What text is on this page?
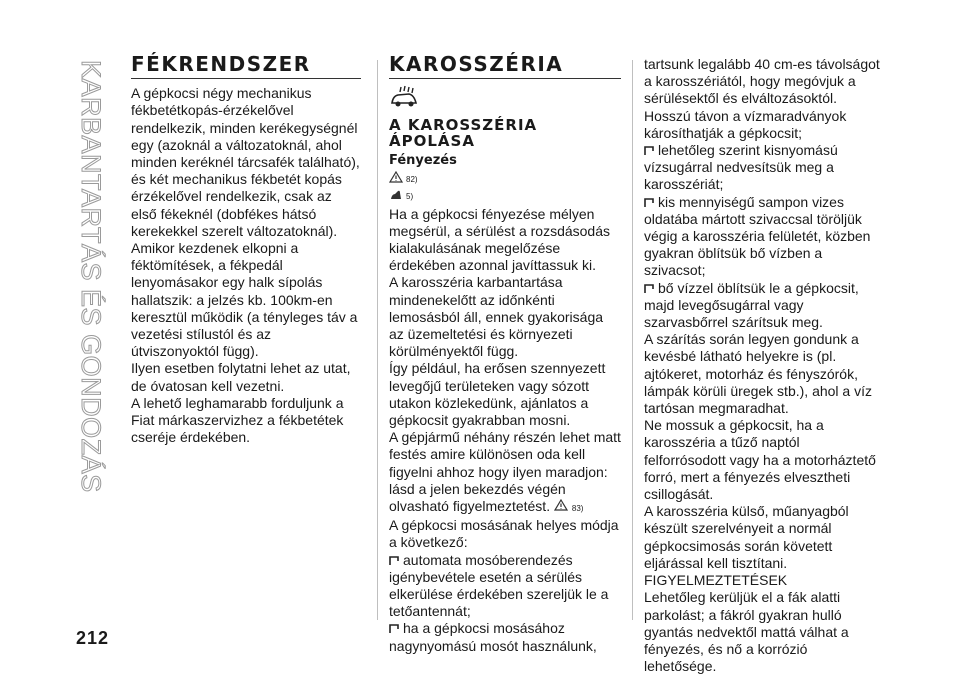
KARBANTARTÁS ÉS GONDOZÁS
212
FÉKRENDSZER

A gépkocsi négy mechanikus fékbetétkopás-érzékelővel rendelkezik, minden kerékegységnél egy (azoknál a változatoknál, ahol minden keréknél tárcsafék található), és két mechanikus fékbetét kopás érzékelővel rendelkezik, csak az első fékeknél (dobfékes hátsó kerekekkel szerelt változatoknál).

Amikor kezdenek elkopni a féktömítések, a fékpedál lenyomásakor egy halk sípolás hallatszik: a jelzés kb. 100km-en keresztül működik (a tényleges táv a vezetési stílustól és az útviszonyoktól függ).

Ilyen esetben folytatni lehet az utat, de óvatosan kell vezetni.

A lehető leghamarabb forduljunk a Fiat márkaszervizhez a fékbetétek cseréje érdekében.

KAROSSZÉRIA
A KAROSSZÉRIA ÁPOLÁSA
Fényezés
82)
5)

Ha a gépkocsi fényezése mélyen megsérül, a sérülést a rozsdásodás kialakulásának megelőzése érdekében azonnal javíttassuk ki.

A karosszéria karbantartása mindenekelőtt az időnkénti lemosásból áll, ennek gyakorisága az üzemeltetési és környezeti körülményektől függ.

Így például, ha erősen szennyezett levegőjű területeken vagy sózott utakon közlekedünk, ajánlatos a gépkocsit gyakrabban mosni.

A gépjármű néhány részén lehet matt festés amire különösen oda kell figyelni ahhoz hogy ilyen maradjon: lásd a jelen bekezdés végén olvasható figyelmeztetést.	83)

A gépkocsi mosásának helyes módja a következő:

automata mosóberendezés igénybevétele esetén a sérülés elkerülése érdekében szereljük le a tetőantennát;

ha a gépkocsi mosásához nagynyomású mosót használunk,

tartsunk legalább 40 cm-es távolságot a karosszériától, hogy megóvjuk a sérülésektől és elváltozásoktól. Hosszú távon a vízmaradványok károsíthatják a gépkocsit;

lehetőleg szerint kisnyomású vízsugárral nedvesítsük meg a karosszériát;

kis mennyiségű sampon vizes oldatába mártott szivaccsal töröljük végig a karosszéria felületét, közben gyakran öblítsük bő vízben a szivacsot;

bő vízzel öblítsük le a gépkocsit, majd levegősugárral vagy szarvasbőrrel szárítsuk meg.

A szárítás során legyen gondunk a kevésbé látható helyekre is (pl. ajtókeret, motorház és fényszórók, lámpák körüli üregek stb.), ahol a víz tartósan megmaradhat.

Ne mossuk a gépkocsit, ha a karosszéria a tűző naptól felforrósodott vagy ha a motorháztető forró, mert a fényezés elvesztheti csillogását.

A karosszéria külső, műanyagból készült szerelvényeit a normál gépkocsimosás során követett eljárással kell tisztítani.

FIGYELMEZTETÉSEK

Lehetőleg kerüljük el a fák alatti parkolást; a fákról gyakran hulló gyantás nedvektől mattá válhat a fényezés, és nő a korrózió lehetősége.
